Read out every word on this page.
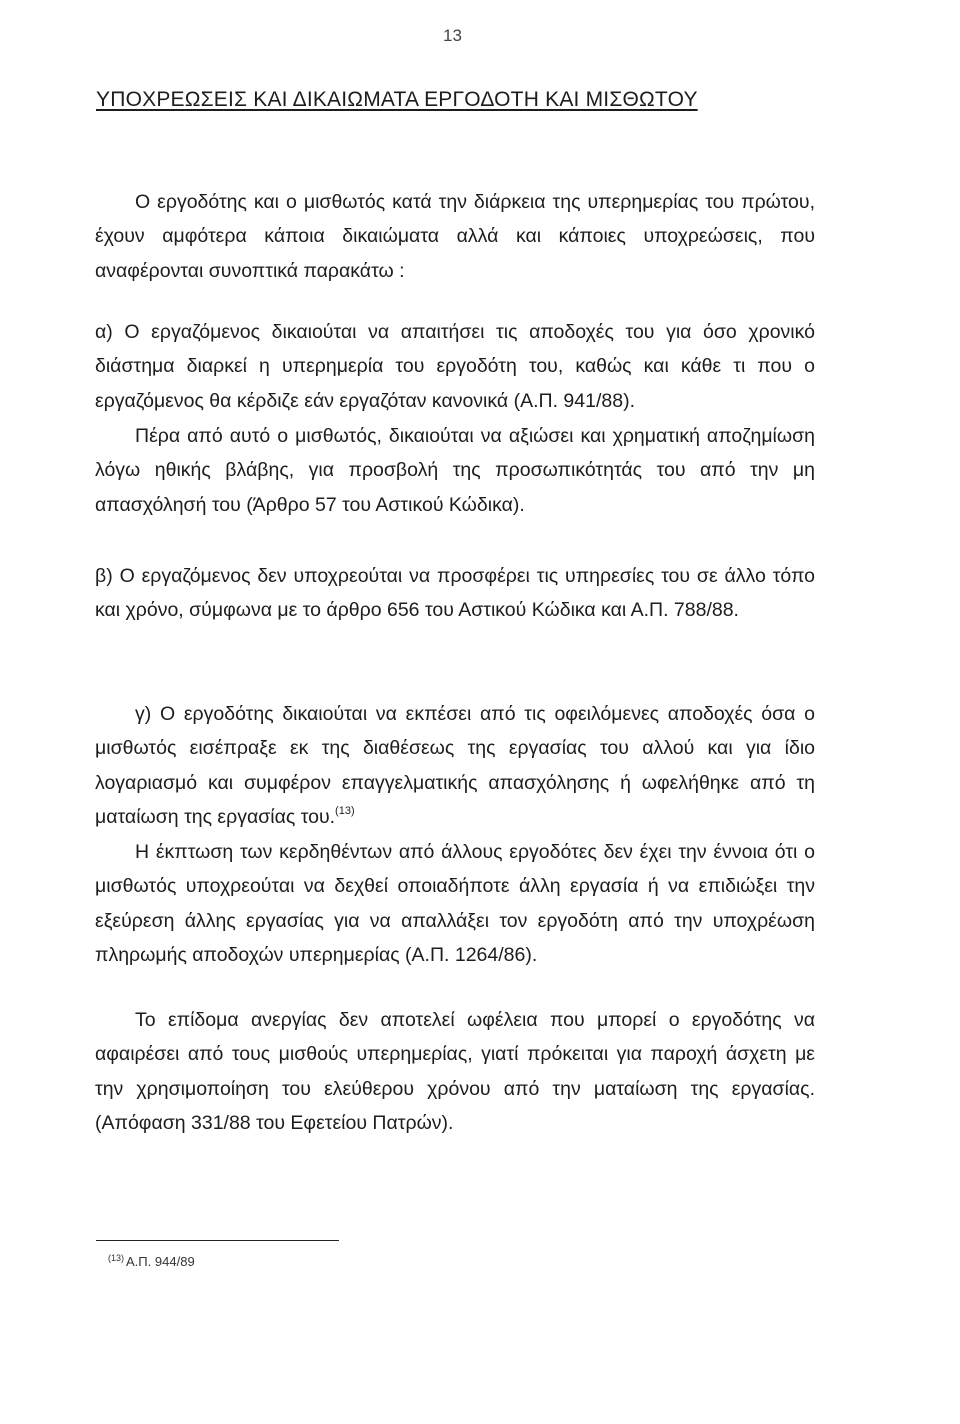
13
ΥΠΟΧΡΕΩΣΕΙΣ ΚΑΙ ΔΙΚΑΙΩΜΑΤΑ ΕΡΓΟΔΟΤΗ ΚΑΙ ΜΙΣΘΩΤΟΥ

Ο εργοδότης και ο μισθωτός κατά την διάρκεια της υπερημερίας του πρώτου, έχουν αμφότερα κάποια δικαιώματα αλλά και κάποιες υποχρεώσεις, που αναφέρονται συνοπτικά παρακάτω :

α) Ο εργαζόμενος δικαιούται να απαιτήσει τις αποδοχές του για όσο χρονικό διάστημα διαρκεί η υπερημερία του εργοδότη του, καθώς και κάθε τι που ο εργαζόμενος θα κέρδιζε εάν εργαζόταν κανονικά (Α.Π. 941/88).

Πέρα από αυτό ο μισθωτός, δικαιούται να αξιώσει και χρηματική αποζημίωση λόγω ηθικής βλάβης, για προσβολή της προσωπικότητάς του από την μη απασχόλησή του (Άρθρο 57 του Αστικού Κώδικα).

β) Ο εργαζόμενος δεν υποχρεούται να προσφέρει τις υπηρεσίες του σε άλλο τόπο και χρόνο, σύμφωνα με το άρθρο 656 του Αστικού Κώδικα και Α.Π. 788/88.

γ) Ο εργοδότης δικαιούται να εκπέσει από τις οφειλόμενες αποδοχές όσα ο μισθωτός εισέπραξε εκ της διαθέσεως της εργασίας του αλλού και για ίδιο λογαριασμό και συμφέρον επαγγελματικής απασχόλησης ή ωφελήθηκε από τη ματαίωση της εργασίας του.$^{(13)}$

Η έκπτωση των κερδηθέντων από άλλους εργοδότες δεν έχει την έννοια ότι ο μισθωτός υποχρεούται να δεχθεί οποιαδήποτε άλλη εργασία ή να επιδιώξει την εξεύρεση άλλης εργασίας για να απαλλάξει τον εργοδότη από την υποχρέωση πληρωμής αποδοχών υπερημερίας (Α.Π. 1264/86).

Το επίδομα ανεργίας δεν αποτελεί ωφέλεια που μπορεί ο εργοδότης να αφαιρέσει από τους μισθούς υπερημερίας, γιατί πρόκειται για παροχή άσχετη με την χρησιμοποίηση του ελεύθερου χρόνου από την ματαίωση της εργασίας. (Απόφαση 331/88 του Εφετείου Πατρών).

$^{(13)}$ Α.Π. 944/89
